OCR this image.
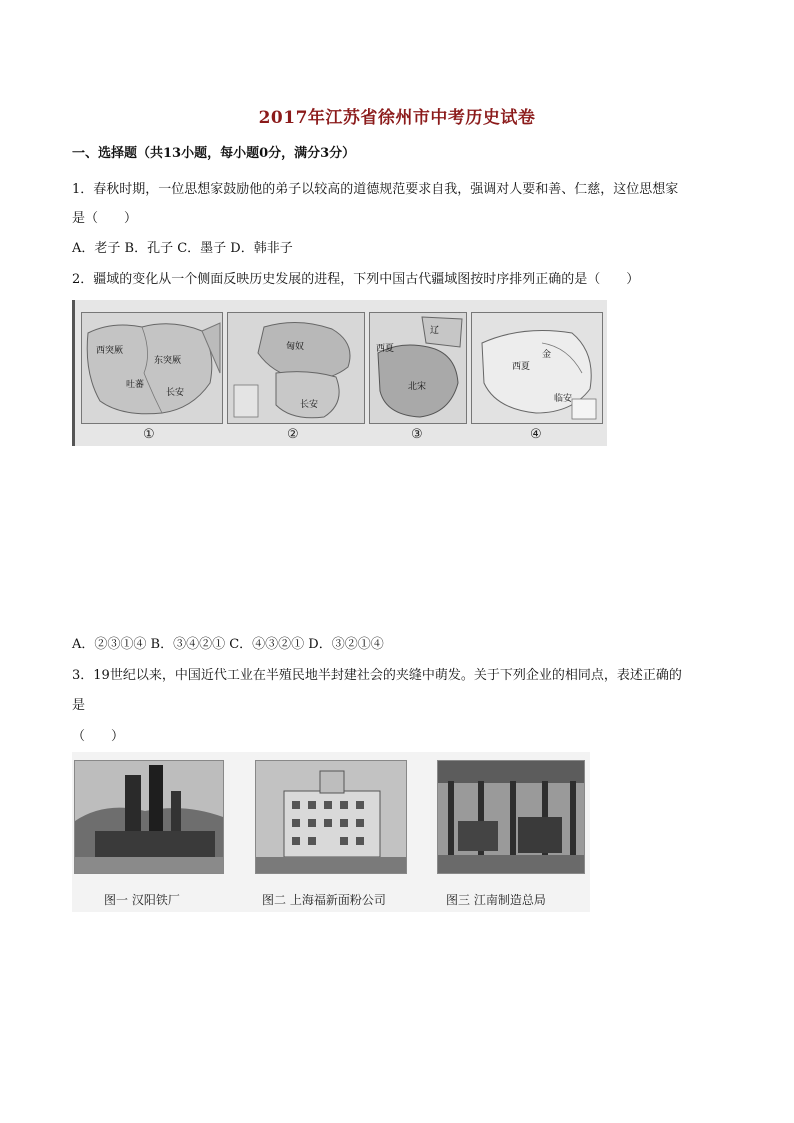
2017年江苏省徐州市中考历史试卷
一、选择题（共13小题，每小题0分，满分3分）
1．春秋时期，一位思想家鼓励他的弟子以较高的道德规范要求自我，强调对人要和善、仁慈，这位思想家
是（　　）
A．老子 B．孔子 C．墨子 D．韩非子
2．疆域的变化从一个侧面反映历史发展的进程，下列中国古代疆域图按时序排列正确的是（　　）
西突厥
东突厥
吐蕃
长安
匈奴
长安
辽
西夏
北宋
金
西夏
临安
①	②	③	④
A．②③①④ B．③④②① C．④③②① D．③②①④
3．19世纪以来，中国近代工业在半殖民地半封建社会的夹缝中萌发。关于下列企业的相同点，表述正确的
是
（　　）
图一 汉阳铁厂	图二 上海福新面粉公司	图三 江南制造总局
